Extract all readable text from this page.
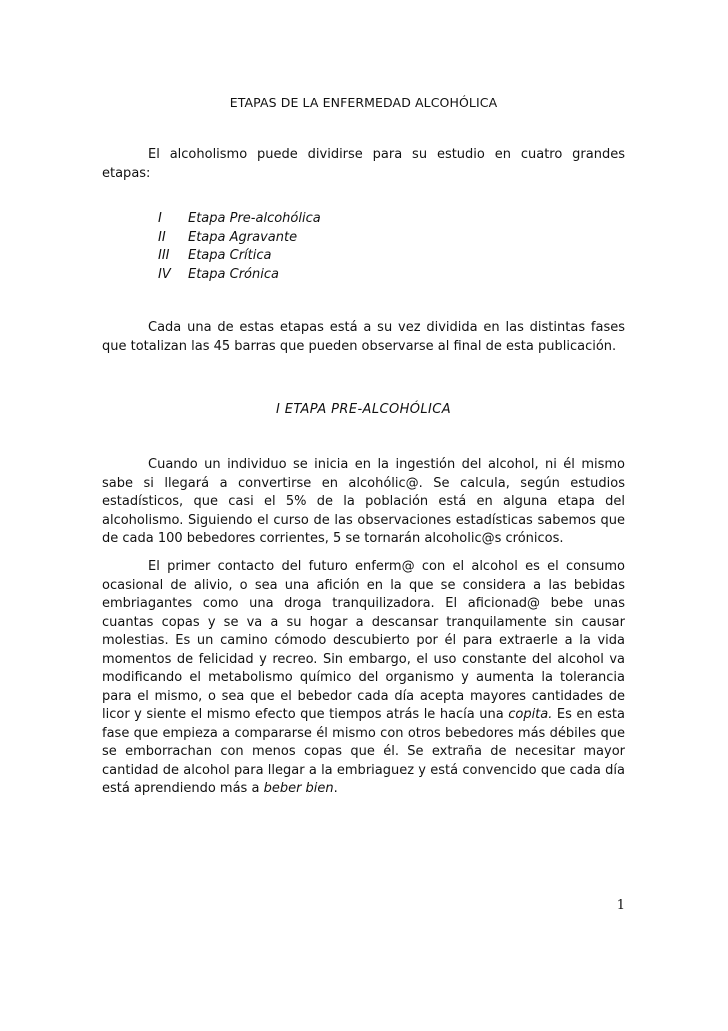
ETAPAS DE LA ENFERMEDAD ALCOHÓLICA

El alcoholismo puede dividirse para su estudio en cuatro grandes etapas:

I	Etapa Pre-alcohólica
II	Etapa Agravante
III	Etapa Crítica
IV	Etapa Crónica

Cada una de estas etapas está a su vez dividida en las distintas fases que totalizan las 45 barras que pueden observarse al final de esta publicación.

I ETAPA PRE-ALCOHÓLICA

Cuando un individuo se inicia en la ingestión del alcohol, ni él mismo sabe si llegará a convertirse en alcohólic@. Se calcula, según estudios estadísticos, que casi el 5% de la población está en alguna etapa del alcoholismo. Siguiendo el curso de las observaciones estadísticas sabemos que de cada 100 bebedores corrientes, 5 se tornarán alcoholic@s crónicos.

El primer contacto del futuro enferm@ con el alcohol es el consumo ocasional de alivio, o sea una afición en la que se considera a las bebidas embriagantes como una droga tranquilizadora. El aficionad@ bebe unas cuantas copas y se va a su hogar a descansar tranquilamente sin causar molestias. Es un camino cómodo descubierto por él para extraerle a la vida momentos de felicidad y recreo. Sin embargo, el uso constante del alcohol va modificando el metabolismo químico del organismo y aumenta la tolerancia para el mismo, o sea que el bebedor cada día acepta mayores cantidades de licor y siente el mismo efecto que tiempos atrás le hacía una copita. Es en esta fase que empieza a compararse él mismo con otros bebedores más débiles que se emborrachan con menos copas que él. Se extraña de necesitar mayor cantidad de alcohol para llegar a la embriaguez y está convencido que cada día está aprendiendo más a beber bien.

1
